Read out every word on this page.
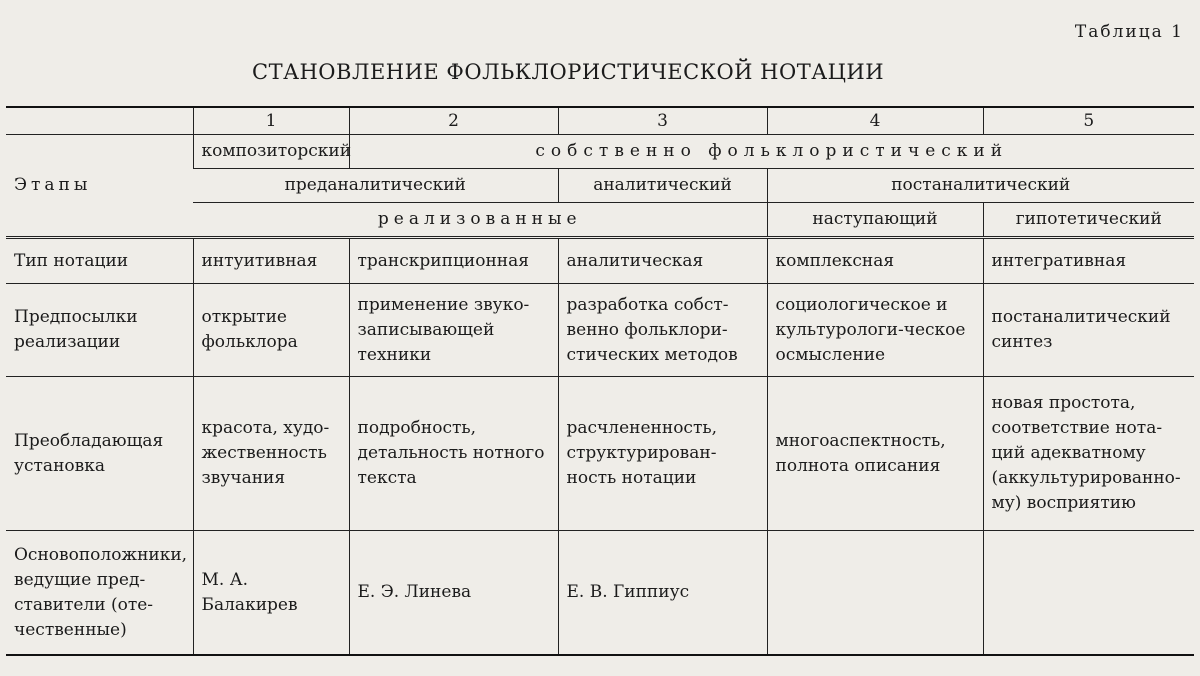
Таблица 1
СТАНОВЛЕНИЕ ФОЛЬКЛОРИСТИЧЕСКОЙ НОТАЦИИ
	1	2	3	4	5
Этапы	композиторский	собственно фольклористический			
	преданалитический		аналитический	постаналитический	
	реализованные			наступающий	гипотетический
Тип нотации	интуитивная	транскрипционная	аналитическая	комплексная	интегративная
Предпосылки реализации	открытие фольклора	применение звуко-записывающей техники	разработка собст-венно фольклори-стических методов	социологическое и культурологи-ческое осмысление	постаналитический синтез
Преобладающая установка	красота, худо-жественность звучания	подробность, детальность нотного текста	расчлененность, структурирован-ность нотации	многоаспектность, полнота описания	новая простота, соответствие нота-ций адекватному (аккультурированно-му) восприятию
Основоположники, ведущие пред-ставители (оте-чественные)	М. А. Балакирев	Е. Э. Линева	Е. В. Гиппиус		
